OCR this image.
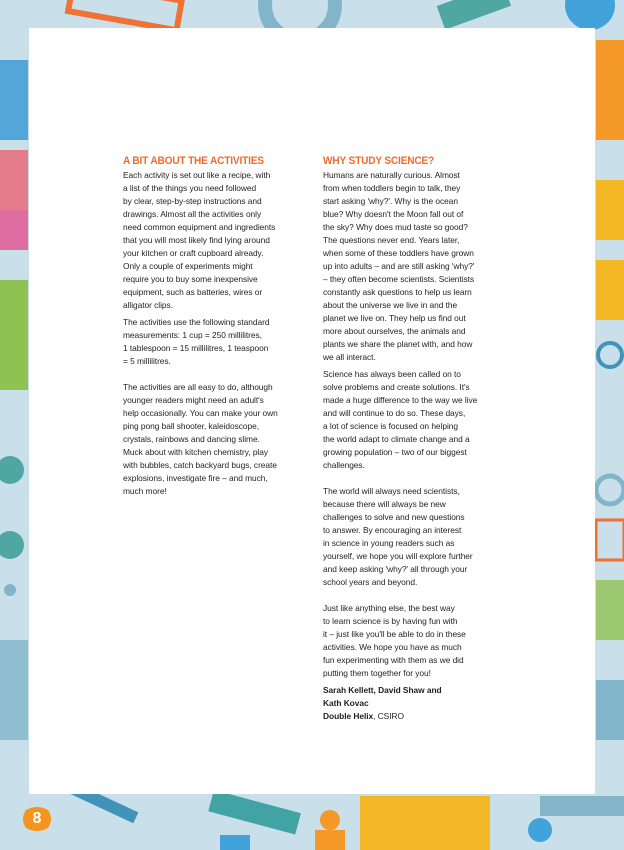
A BIT ABOUT THE ACTIVITIES

Each activity is set out like a recipe, with
a list of the things you need followed
by clear, step-by-step instructions and
drawings. Almost all the activities only
need common equipment and ingredients
that you will most likely find lying around
your kitchen or craft cupboard already.
Only a couple of experiments might
require you to buy some inexpensive
equipment, such as batteries, wires or
alligator clips.

The activities use the following standard
measurements: 1 cup = 250 millilitres,
1 tablespoon = 15 millilitres, 1 teaspoon
= 5 millilitres.

The activities are all easy to do, although
younger readers might need an adult's
help occasionally. You can make your own
ping pong ball shooter, kaleidoscope,
crystals, rainbows and dancing slime.
Muck about with kitchen chemistry, play
with bubbles, catch backyard bugs, create
explosions, investigate fire – and much,
much more!

WHY STUDY SCIENCE?

Humans are naturally curious. Almost
from when toddlers begin to talk, they
start asking 'why?'. Why is the ocean
blue? Why doesn't the Moon fall out of
the sky? Why does mud taste so good?
The questions never end. Years later,
when some of these toddlers have grown
up into adults – and are still asking 'why?'
– they often become scientists. Scientists
constantly ask questions to help us learn
about the universe we live in and the
planet we live on. They help us find out
more about ourselves, the animals and
plants we share the planet with, and how
we all interact.

Science has always been called on to
solve problems and create solutions. It's
made a huge difference to the way we live
and will continue to do so. These days,
a lot of science is focused on helping
the world adapt to climate change and a
growing population – two of our biggest
challenges.

The world will always need scientists,
because there will always be new
challenges to solve and new questions
to answer. By encouraging an interest
in science in young readers such as
yourself, we hope you will explore further
and keep asking 'why?' all through your
school years and beyond.

Just like anything else, the best way
to learn science is by having fun with
it – just like you'll be able to do in these
activities. We hope you have as much
fun experimenting with them as we did
putting them together for you!

Sarah Kellett, David Shaw and
Kath Kovac

Double Helix, CSIRO

8
